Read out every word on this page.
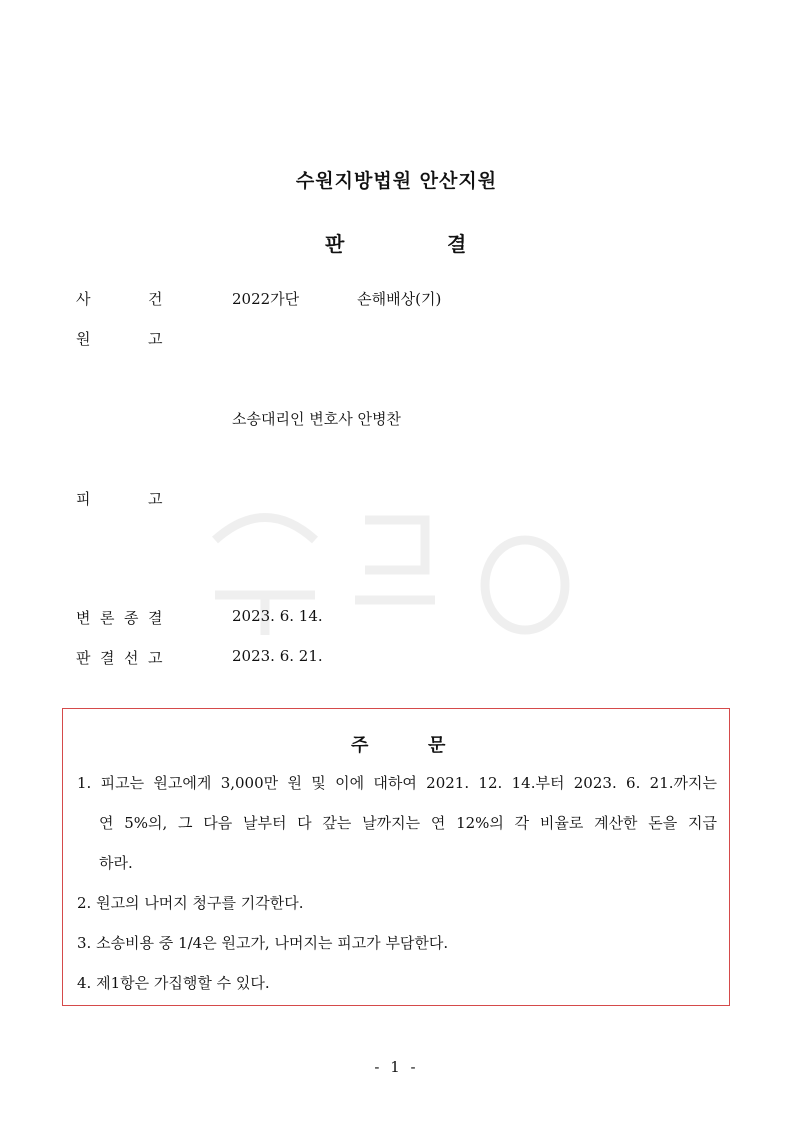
수원지방법원 안산지원
판	결
사	건	2022가단	손해배상(기)
원	고
소송대리인 변호사 안병찬
피	고
변 론 종 결	2023. 6. 14.
판 결 선 고	2023. 6. 21.
주	문
1. 피고는 원고에게 3,000만 원 및 이에 대하여 2021. 12. 14.부터 2023. 6. 21.까지는
연 5%의, 그 다음 날부터 다 갚는 날까지는 연 12%의 각 비율로 계산한 돈을 지급
하라.
2. 원고의 나머지 청구를 기각한다.
3. 소송비용 중 1/4은 원고가, 나머지는 피고가 부담한다.
4. 제1항은 가집행할 수 있다.
- 1 -
